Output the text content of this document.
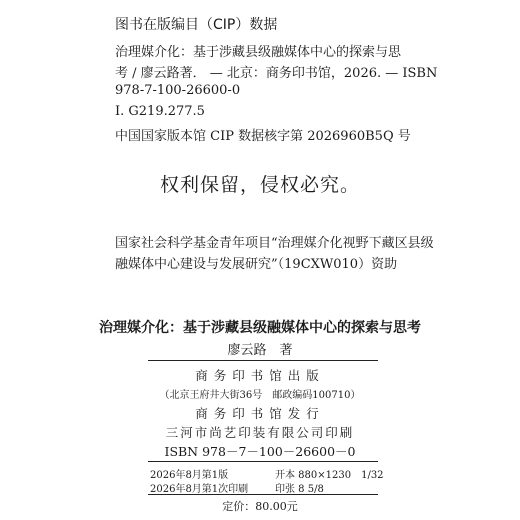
图书在版编目（CIP）数据
治理媒介化：基于涉藏县级融媒体中心的探索与思
考 / 廖云路著． — 北京：商务印书馆，2026. — ISBN
978-7-100-26600-0
Ⅰ. G219.277.5
中国国家版本馆 CIP 数据核字第 2026960B5Q 号
权利保留，侵权必究。
国家社会科学基金青年项目“治理媒介化视野下藏区县级
融媒体中心建设与发展研究”（19CXW010）资助
治理媒介化：基于涉藏县级融媒体中心的探索与思考
廖云路　著
商务印书馆出版
（北京王府井大街36号　邮政编码100710）
商务印书馆发行
三河市尚艺印装有限公司印刷
ISBN 978－7－100－26600－0
2026年8月第1版	开本 880×1230　1/32
2026年8月第1次印刷	印张 8 5/8
定价：80.00元
